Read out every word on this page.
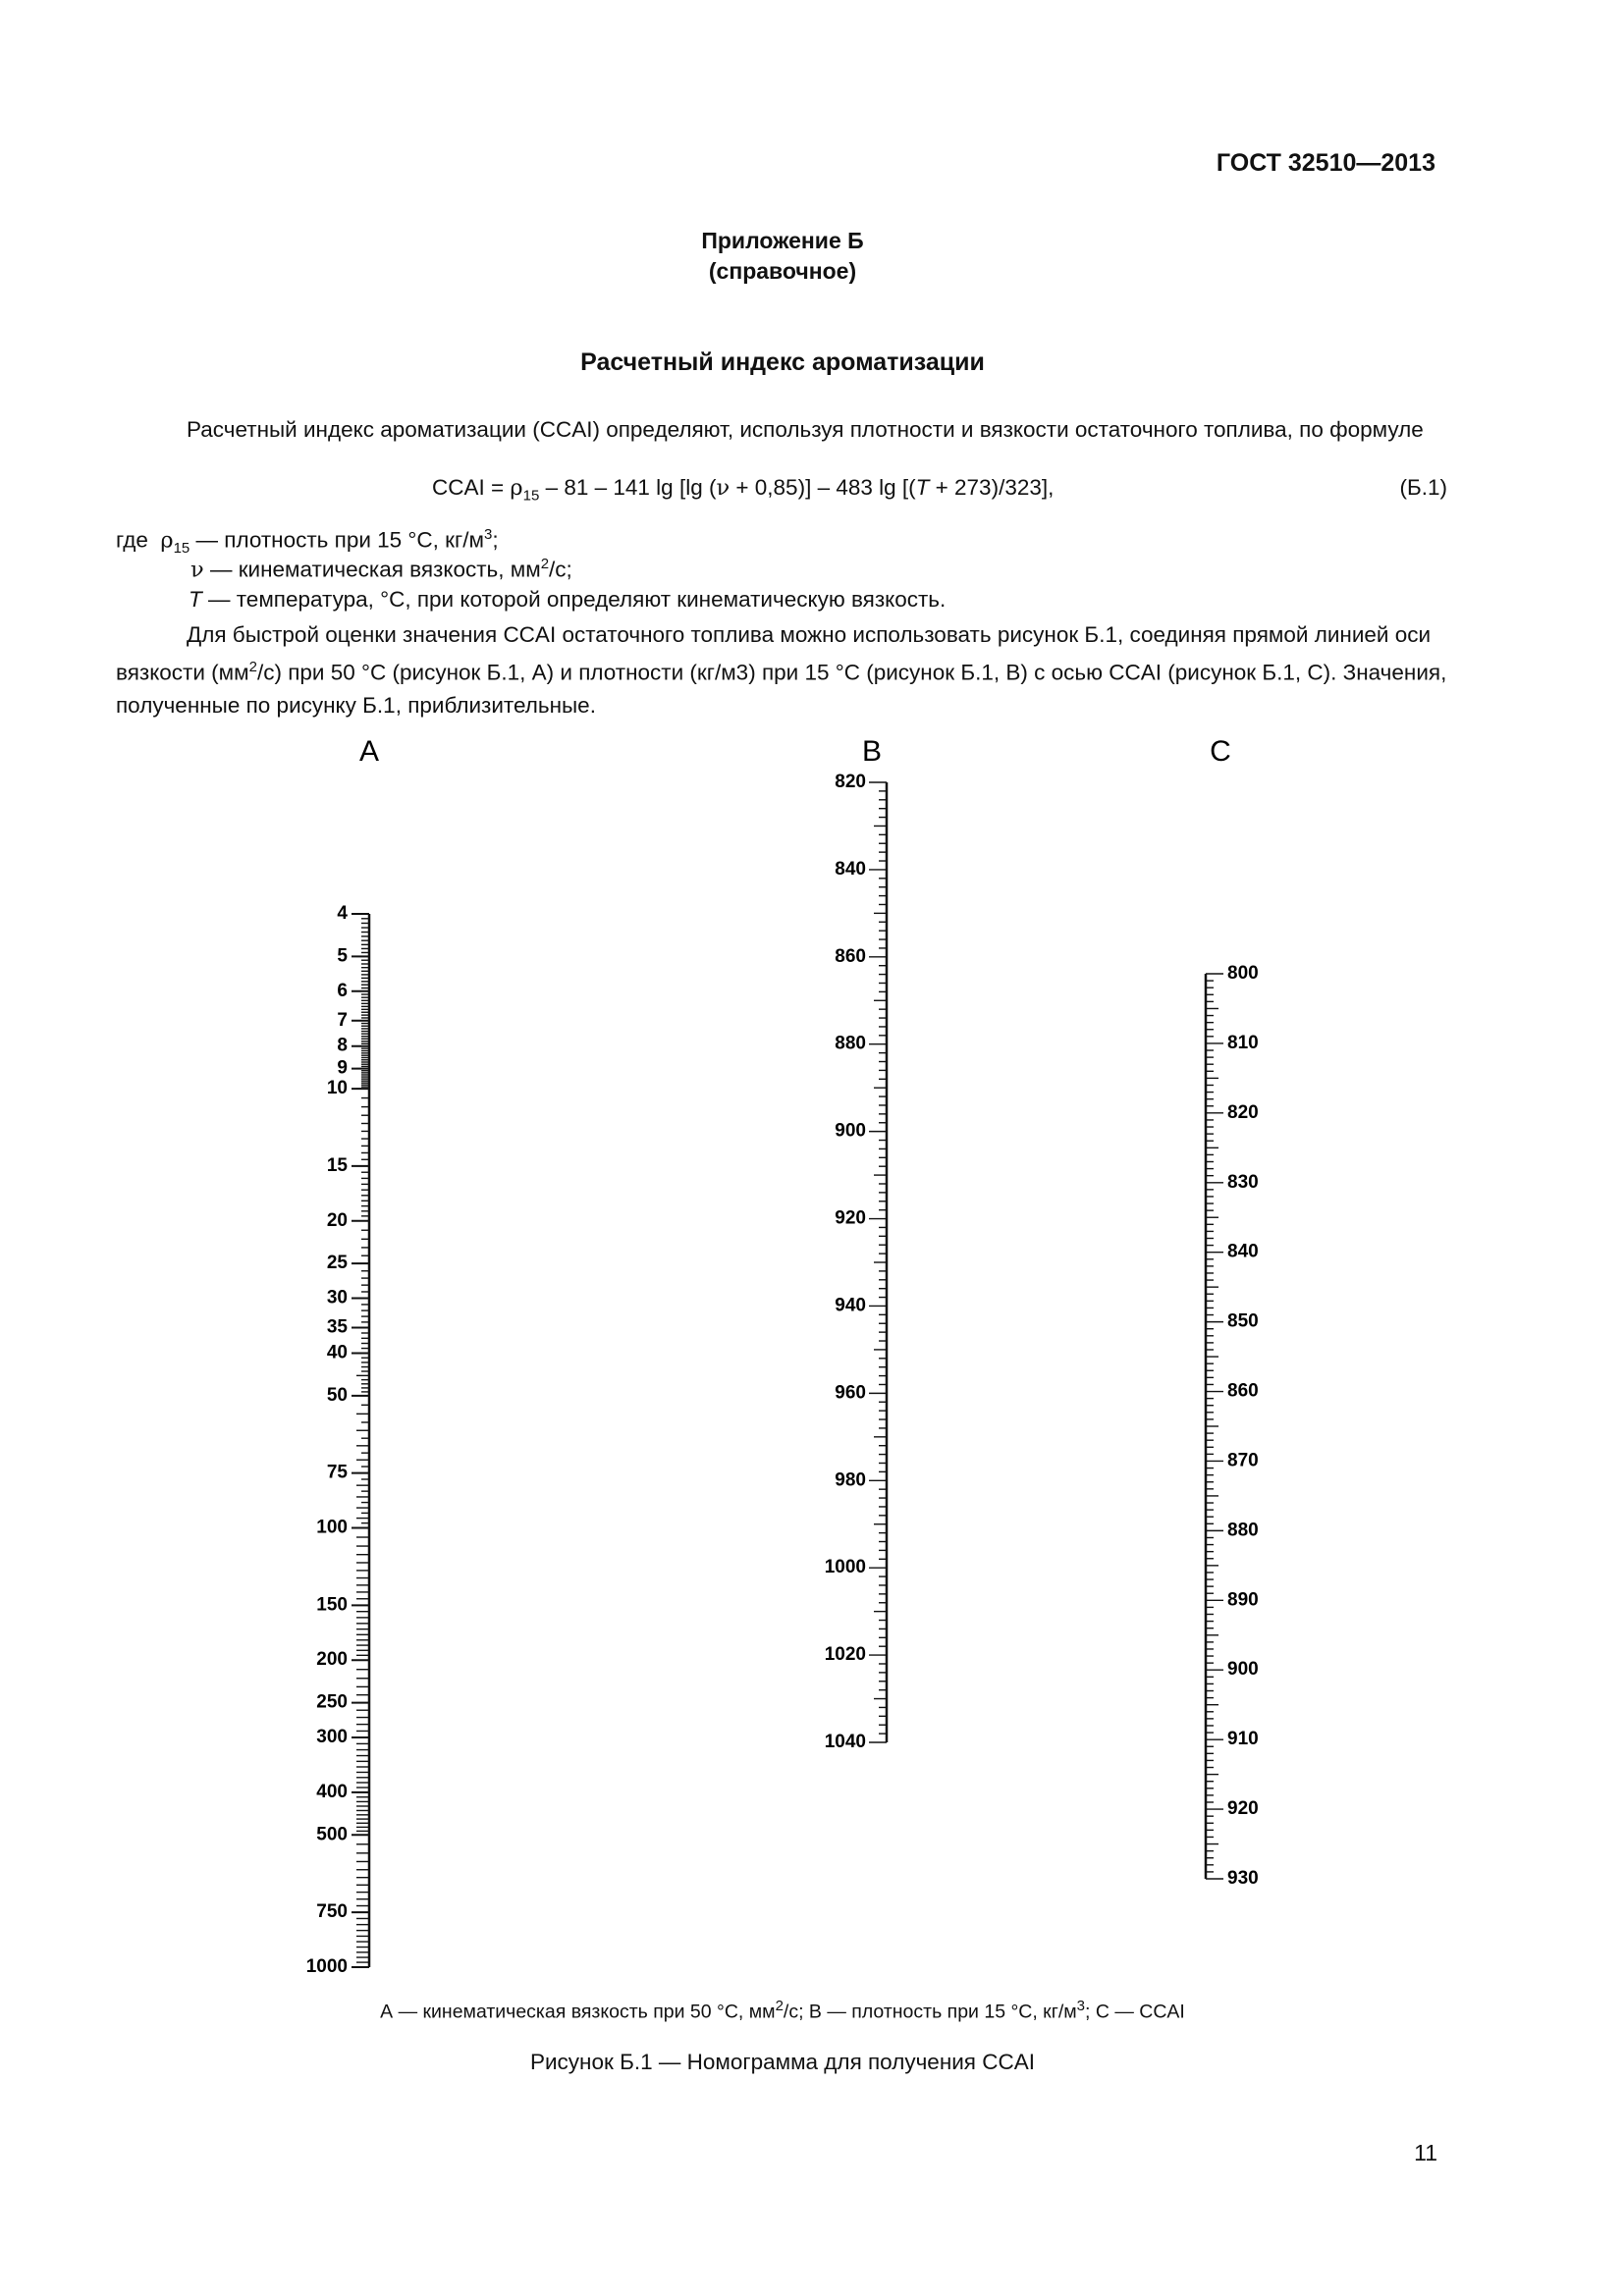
ГОСТ 32510—2013
Приложение Б
(справочное)
Расчетный индекс ароматизации
Расчетный индекс ароматизации (CCAI) определяют, используя плотности и вязкости остаточного топлива, по формуле
CCAI = $\rho_{15} - 81 - 141$ lg [lg (ν + 0,85)] – 483 lg [(T + 273)/323],	(Б.1)
где $\rho_{15}$ — плотность при 15 °С, $кг/м^3$;
ν — кинематическая вязкость, $мм^2/с$;
T — температура, °С, при которой определяют кинематическую вязкость.
Для быстрой оценки значения CCAI остаточного топлива можно использовать рисунок Б.1, соединяя прямой линией оси вязкости $(мм^2/с)$ при 50 °С (рисунок Б.1, А) и плотности (кг/м3) при 15 °С (рисунок Б.1, В) с осью CCAI (рисунок Б.1, С). Значения, полученные по рисунку Б.1, приблизительные.
A	B	C
4
5
6
7
8
9
10
15
20
25
30
35
40
50
75
100
150
200
250
300
400
500
750
1000
820
840
860
880
900
920
940
960
980
1000
1020
1040
800
810
820
830
840
850
860
870
880
890
900
910
920
930
А — кинематическая вязкость при 50 °С, $мм^2/с$; В — плотность при 15 °С, $кг/м^3$; С — CCAI
Рисунок Б.1 — Номограмма для получения CCAI
11
